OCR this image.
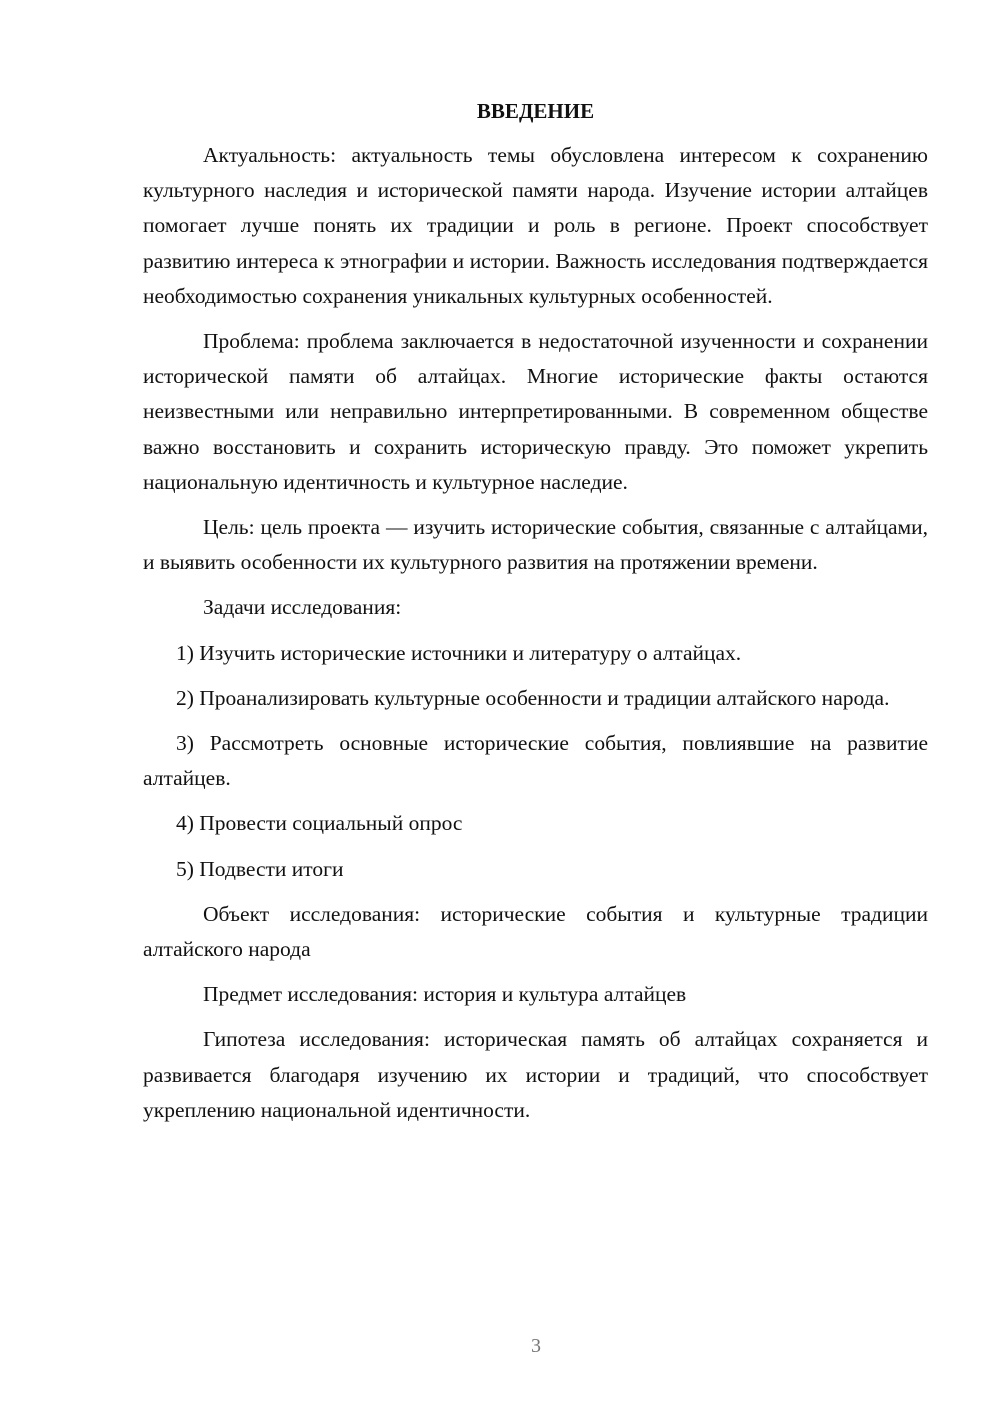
ВВЕДЕНИЕ

Актуальность: актуальность темы обусловлена интересом к сохранению культурного наследия и исторической памяти народа. Изучение истории алтайцев помогает лучше понять их традиции и роль в регионе. Проект способствует развитию интереса к этнографии и истории. Важность исследования подтверждается необходимостью сохранения уникальных культурных особенностей.

Проблема: проблема заключается в недостаточной изученности и сохранении исторической памяти об алтайцах. Многие исторические факты остаются неизвестными или неправильно интерпретированными. В современном обществе важно восстановить и сохранить историческую правду. Это поможет укрепить национальную идентичность и культурное наследие.

Цель: цель проекта — изучить исторические события, связанные с алтайцами, и выявить особенности их культурного развития на протяжении времени.

Задачи исследования:

1) Изучить исторические источники и литературу о алтайцах.

2) Проанализировать культурные особенности и традиции алтайского народа.

3) Рассмотреть основные исторические события, повлиявшие на развитие алтайцев.

4) Провести социальный опрос

5) Подвести итоги

Объект исследования: исторические события и культурные традиции алтайского народа

Предмет исследования: история и культура алтайцев

Гипотеза исследования: историческая память об алтайцах сохраняется и развивается благодаря изучению их истории и традиций, что способствует укреплению национальной идентичности.

3
